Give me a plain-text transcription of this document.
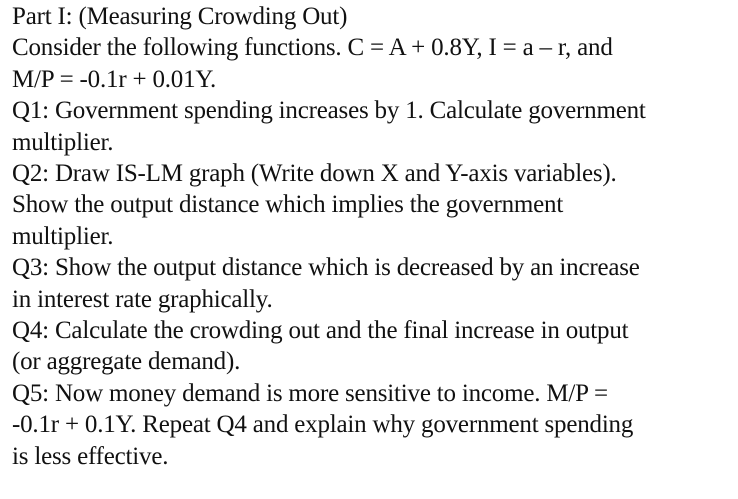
Part I: (Measuring Crowding Out)
Consider the following functions. C = A + 0.8Y, I = a – r, and
M/P = -0.1r + 0.01Y.
Q1: Government spending increases by 1. Calculate government
multiplier.
Q2: Draw IS-LM graph (Write down X and Y-axis variables).
Show the output distance which implies the government
multiplier.
Q3: Show the output distance which is decreased by an increase
in interest rate graphically.
Q4: Calculate the crowding out and the final increase in output
(or aggregate demand).
Q5: Now money demand is more sensitive to income. M/P =
-0.1r + 0.1Y. Repeat Q4 and explain why government spending
is less effective.
